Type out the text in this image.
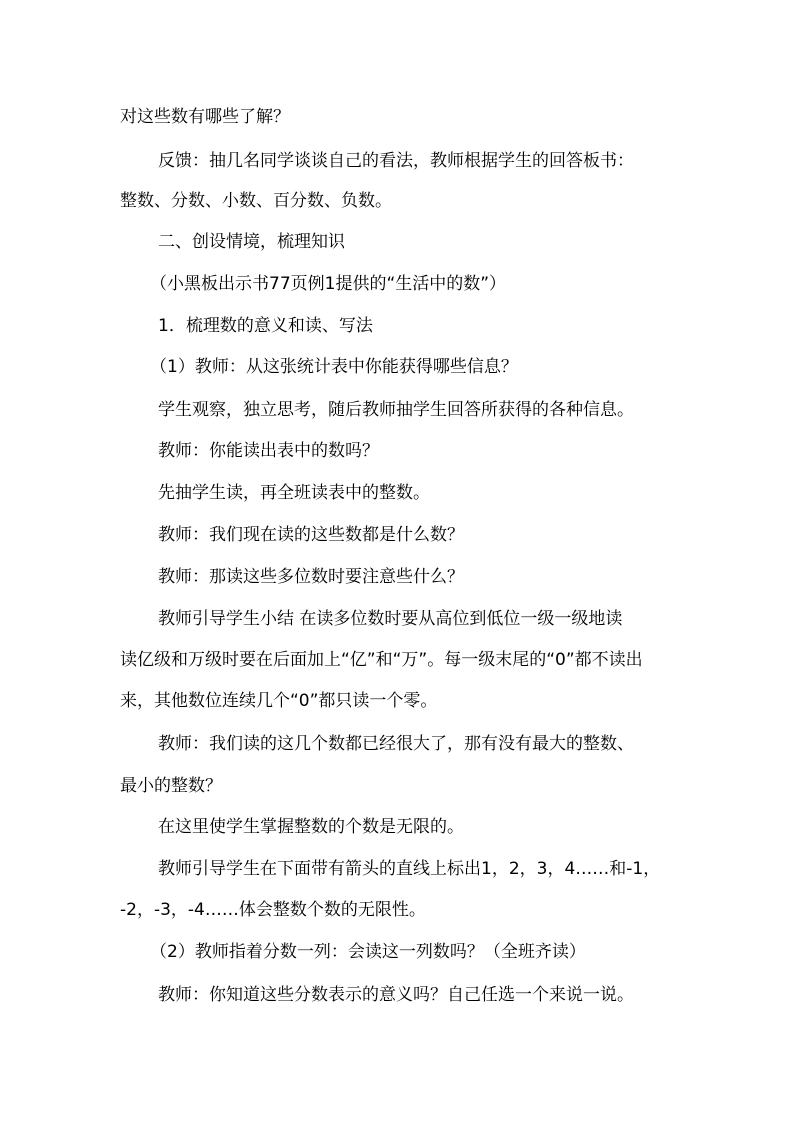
对这些数有哪些了解？
反馈：抽几名同学谈谈自己的看法，教师根据学生的回答板书：
整数、分数、小数、百分数、负数。
二、创设情境，梳理知识
（小黑板出示书77页例1提供的“生活中的数”）
1．梳理数的意义和读、写法
（1）教师：从这张统计表中你能获得哪些信息？
学生观察，独立思考，随后教师抽学生回答所获得的各种信息。
教师：你能读出表中的数吗？
先抽学生读，再全班读表中的整数。
教师：我们现在读的这些数都是什么数？
教师：那读这些多位数时要注意些什么？
教师引导学生小结 在读多位数时要从高位到低位一级一级地读
读亿级和万级时要在后面加上“亿”和“万”。每一级末尾的“0”都不读出
来，其他数位连续几个“0”都只读一个零。
教师：我们读的这几个数都已经很大了，那有没有最大的整数、
最小的整数？
在这里使学生掌握整数的个数是无限的。
教师引导学生在下面带有箭头的直线上标出1，2，3，4……和-1，
-2，-3，-4……体会整数个数的无限性。
（2）教师指着分数一列：会读这一列数吗？（全班齐读）
教师：你知道这些分数表示的意义吗？自己任选一个来说一说。
